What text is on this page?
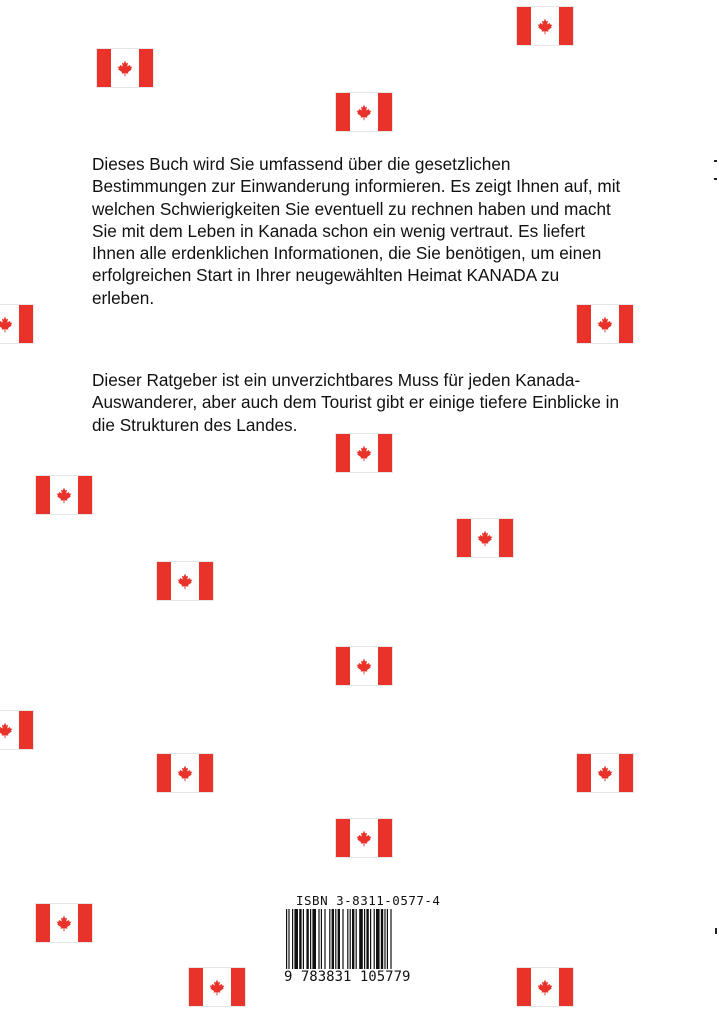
Dieses Buch wird Sie umfassend über die gesetzlichen Bestimmungen zur Einwanderung informieren. Es zeigt Ihnen auf, mit welchen Schwierigkeiten Sie eventuell zu rechnen haben und macht Sie mit dem Leben in Kanada schon ein wenig vertraut. Es liefert Ihnen alle erdenklichen Informationen, die Sie benötigen, um einen erfolgreichen Start in Ihrer neugewählten Heimat KANADA zu erleben.

Dieser Ratgeber ist ein unverzichtbares Muss für jeden Kanada-Auswanderer, aber auch dem Tourist gibt er einige tiefere Einblicke in die Strukturen des Landes.

ISBN 3-8311-0577-4
9 783831 105779
